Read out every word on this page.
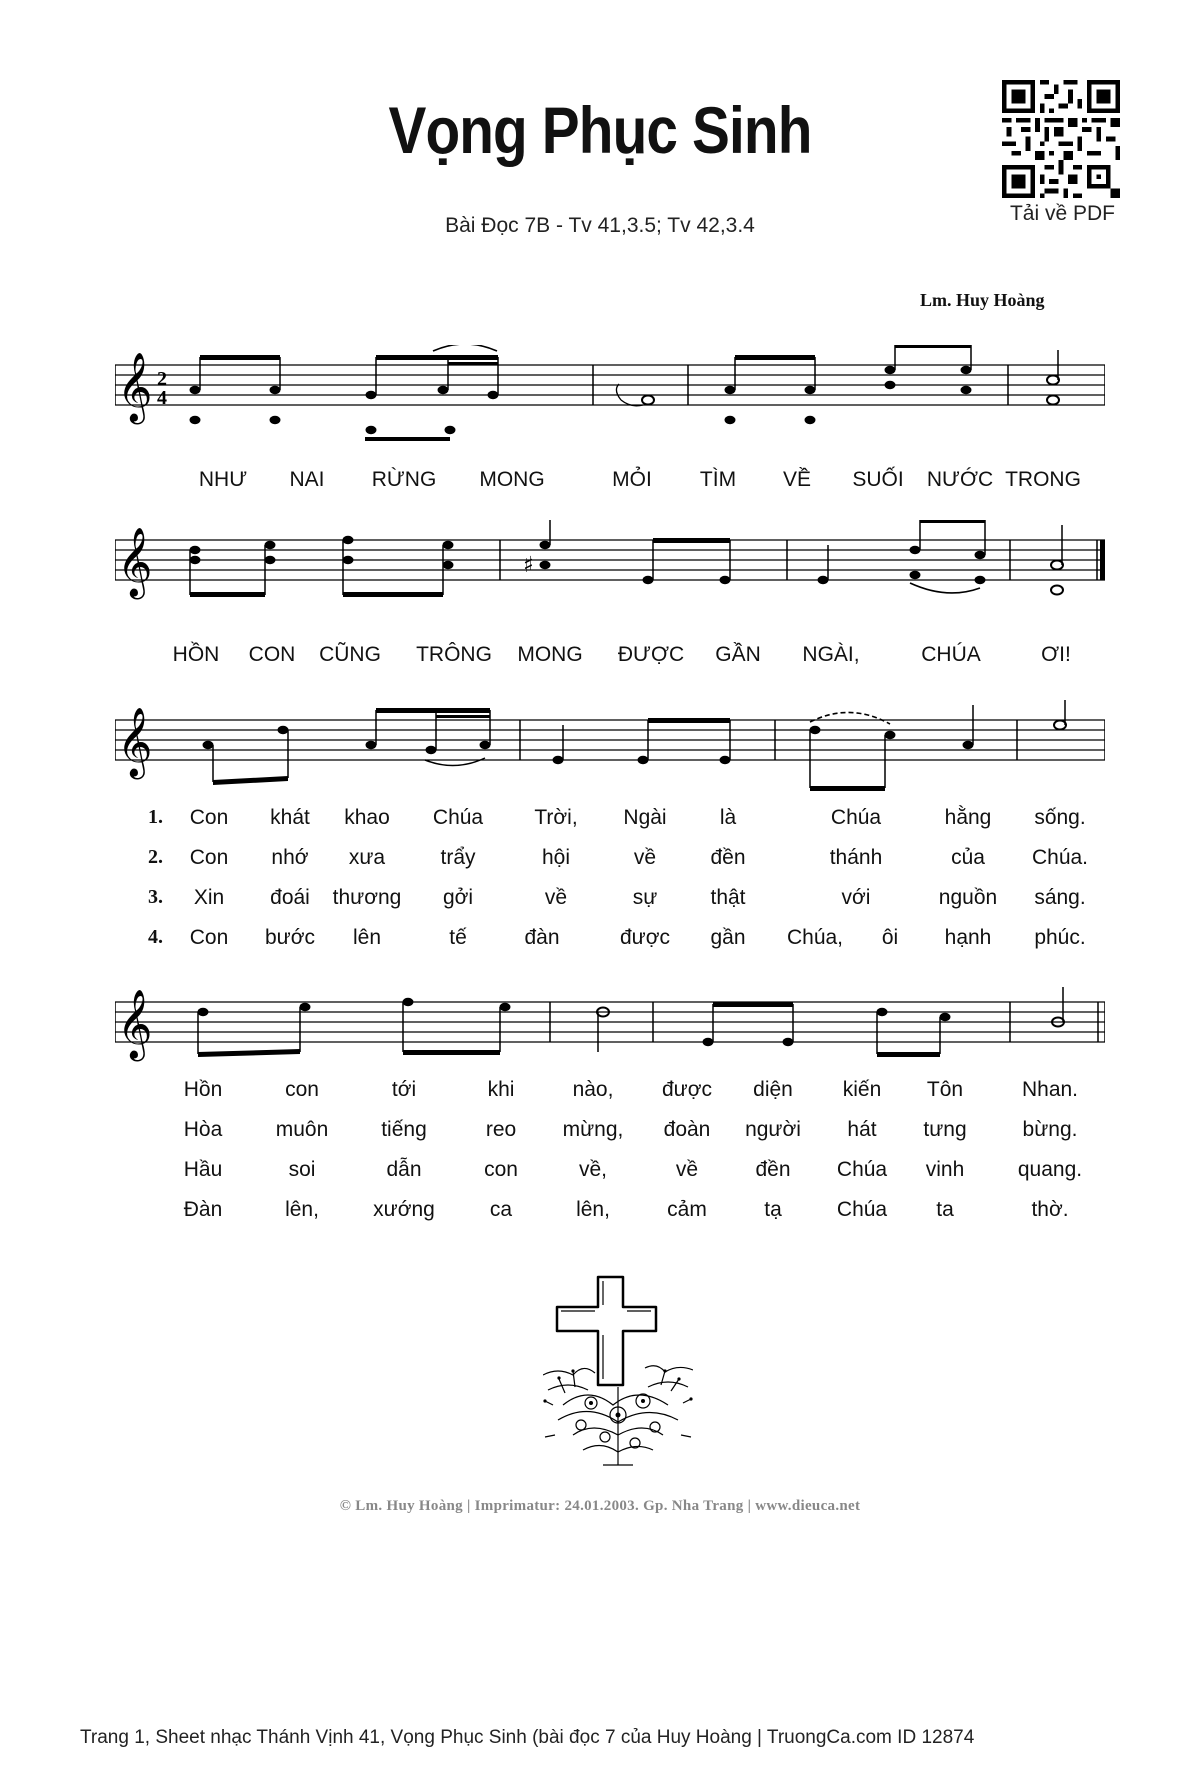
Vọng Phục Sinh
Bài Đọc 7B - Tv 41,3.5; Tv 42,3.4
Tải về PDF
Lm. Huy Hoàng
𝄞 2
4
NHƯ NAI RỪNG MONG	MỎI TÌM VỀ SUỐI NƯỚC TRONG
𝄞	♯
HỒN CON CŨNG TRÔNG MONG ĐƯỢC GẦN NGÀI,	CHÚA	ƠI!
𝄞
1.
2.
3.
4.
Con khát khao Chúa Trời, Ngài	là	Chúa	hằng sống.
Con nhớ xưa	trẩy	hội	về	đền	thánh	của Chúa.
Xin đoái thương gởi	về	sự	thật	với	nguồn sáng.
Con bước lên	tế	đàn	được gần Chúa, ôi hạnh phúc.
𝄞
Hồn	con	tới	khi	nào, được diện kiến Tôn	Nhan.
Hòa	muôn	tiếng	reo mừng, đoàn người hát tưng	bừng.
Hầu	soi	dẫn	con	về,	về	đền Chúa vinh	quang.
Đàn	lên,	xướng	ca	lên,	cảm	tạ	Chúa ta	thờ.
© Lm. Huy Hoàng | Imprimatur: 24.01.2003. Gp. Nha Trang | www.dieuca.net
Trang 1, Sheet nhạc Thánh Vịnh 41, Vọng Phục Sinh (bài đọc 7 của Huy Hoàng | TruongCa.com ID 12874
